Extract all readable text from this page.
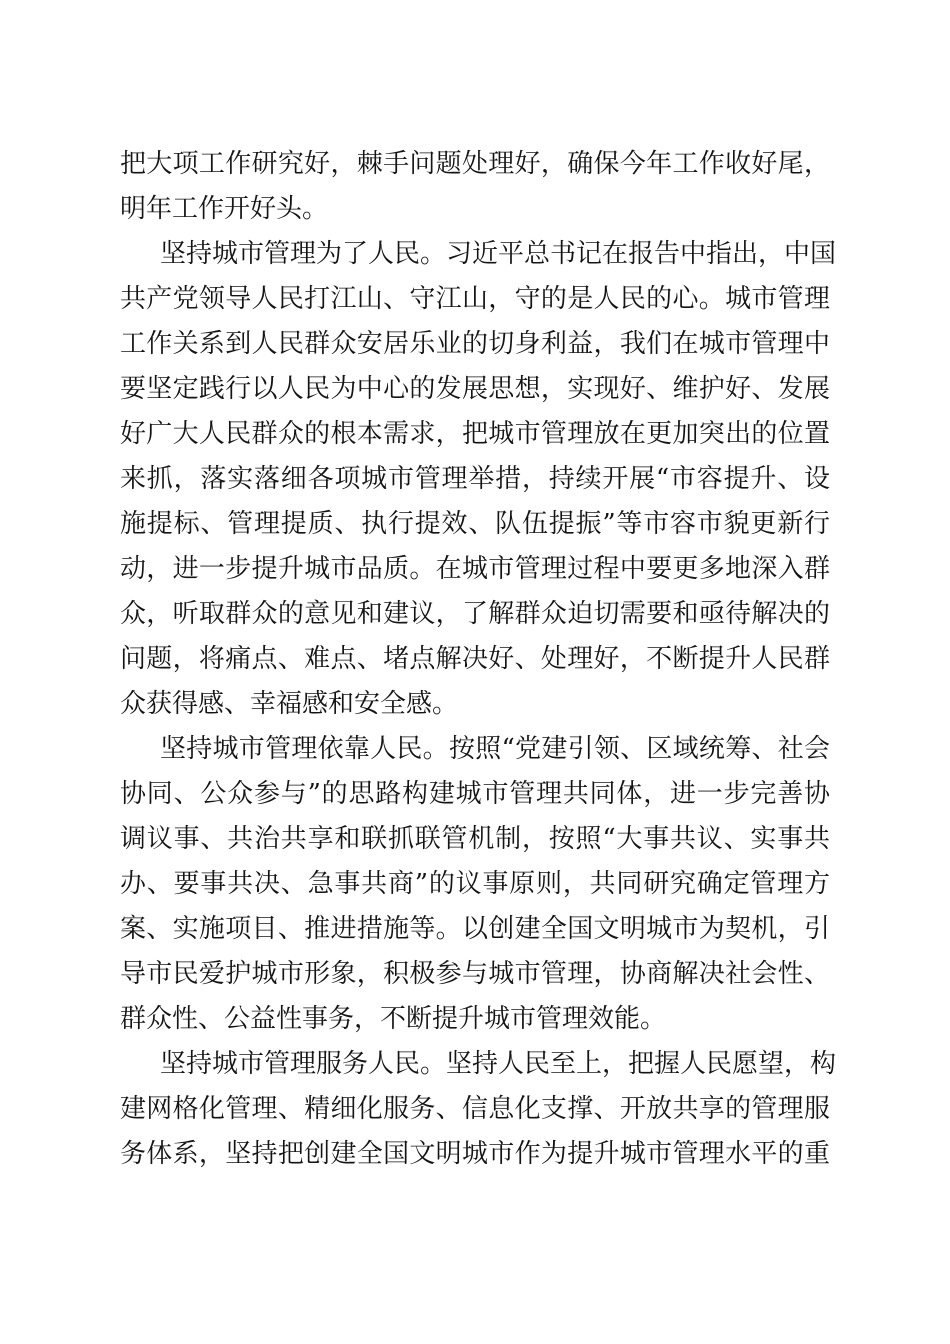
把大项工作研究好，棘手问题处理好，确保今年工作收好尾，
明年工作开好头。
坚持城市管理为了人民。习近平总书记在报告中指出，中国
共产党领导人民打江山、守江山，守的是人民的心。城市管理
工作关系到人民群众安居乐业的切身利益，我们在城市管理中
要坚定践行以人民为中心的发展思想，实现好、维护好、发展
好广大人民群众的根本需求，把城市管理放在更加突出的位置
来抓，落实落细各项城市管理举措，持续开展“市容提升、设
施提标、管理提质、执行提效、队伍提振”等市容市貌更新行
动，进一步提升城市品质。在城市管理过程中要更多地深入群
众，听取群众的意见和建议，了解群众迫切需要和亟待解决的
问题，将痛点、难点、堵点解决好、处理好，不断提升人民群
众获得感、幸福感和安全感。
坚持城市管理依靠人民。按照“党建引领、区域统筹、社会
协同、公众参与”的思路构建城市管理共同体，进一步完善协
调议事、共治共享和联抓联管机制，按照“大事共议、实事共
办、要事共决、急事共商”的议事原则，共同研究确定管理方
案、实施项目、推进措施等。以创建全国文明城市为契机，引
导市民爱护城市形象，积极参与城市管理，协商解决社会性、
群众性、公益性事务，不断提升城市管理效能。
坚持城市管理服务人民。坚持人民至上，把握人民愿望，构
建网格化管理、精细化服务、信息化支撑、开放共享的管理服
务体系，坚持把创建全国文明城市作为提升城市管理水平的重
